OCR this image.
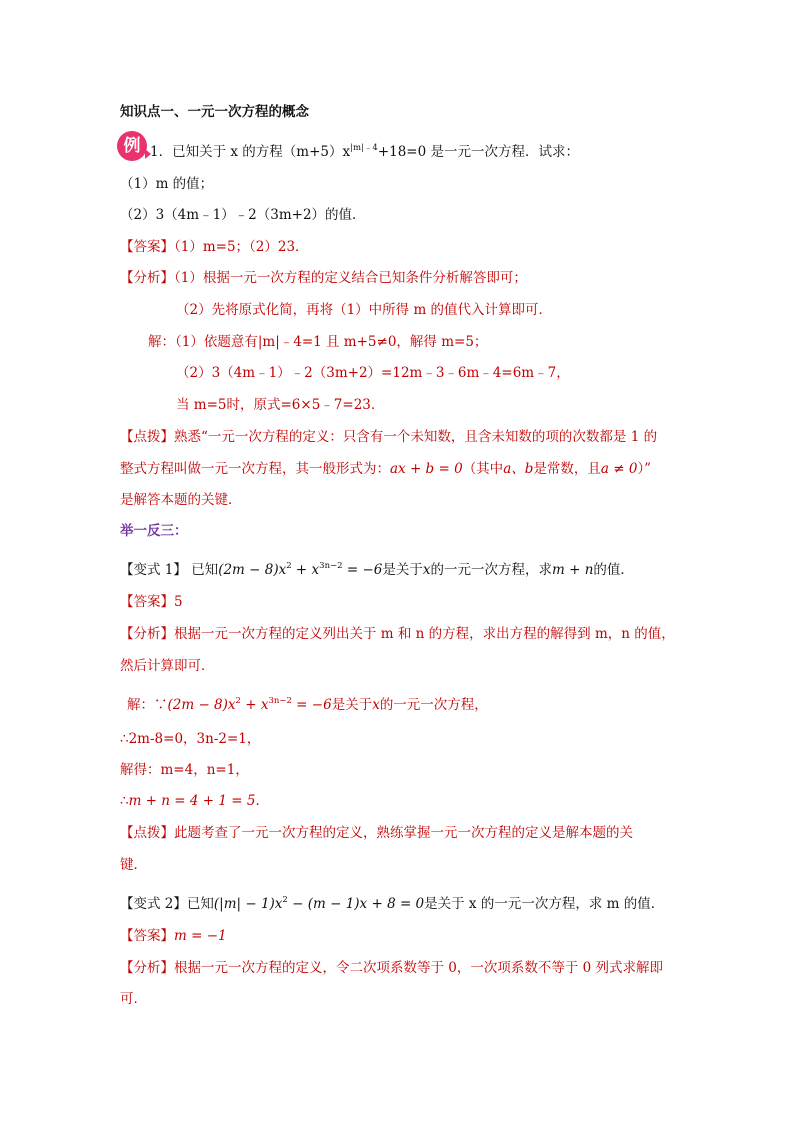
知识点一、一元一次方程的概念
例 1．已知关于 x 的方程$(m+5)x^{|m|﹣4}+18=0$ 是一元一次方程．试求：
（1）m 的值；
（2）3（4m﹣1）﹣2（3m+2）的值．
【答案】（1）m=5；（2）23．
【分析】（1）根据一元一次方程的定义结合已知条件分析解答即可；
（2）先将原式化简，再将（1）中所得 m 的值代入计算即可．
解：（1）依题意有|m|﹣4=1 且 m+5≠0，解得 m=5；
（2）3（4m﹣1）﹣2（3m+2）=12m﹣3﹣6m﹣4=6m﹣7，
当 m=5时，原式=6×5﹣7=23．
【点拨】熟悉“一元一次方程的定义：只含有一个未知数，且含未知数的项的次数都是 1 的
整式方程叫做一元一次方程，其一般形式为：ax + b = 0（其中a、b是常数，且a ≠ 0）”
是解答本题的关键．
举一反三：
【变式 1】 已知$(2m - 8)x^2 + x^{3n-2} = -6$是关于x的一元一次方程，求m + n的值．
【答案】5
【分析】根据一元一次方程的定义列出关于 m 和 n 的方程，求出方程的解得到 m，n 的值，
然后计算即可．
解：∵(2m − $8)x^2 + x^{3n-2} = -6$是关于x的一元一次方程，
∴2m-8=0，3n-2=1，
解得：m=4，n=1，
∴m + n = 4 + 1 = 5．
【点拨】此题考查了一元一次方程的定义，熟练掌握一元一次方程的定义是解本题的关
键．
【变式 2】已知$(|m| - 1)x^2 - (m - 1)x + 8 = 0$是关于 x 的一元一次方程，求 m 的值．
【答案】m = −1
【分析】根据一元一次方程的定义，令二次项系数等于 0，一次项系数不等于 0 列式求解即
可．
